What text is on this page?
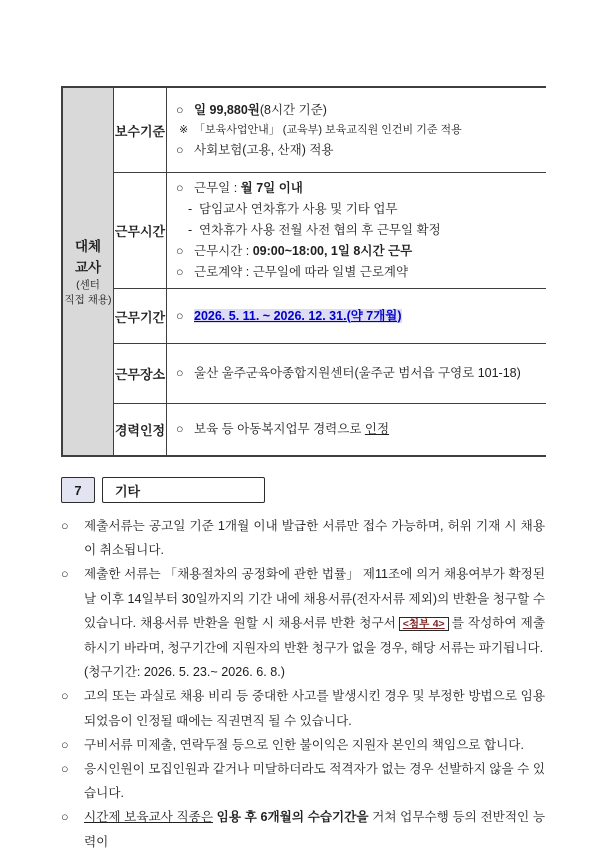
대체
교사
(센터
직접 채용)
보수기준
○ 일 99,880원(8시간 기준)
※ 「보육사업안내」 (교육부) 보육교직원 인건비 기준 적용
○ 사회보험(고용, 산재) 적용
근무시간
○ 근무일 : 월 7일 이내
- 담임교사 연차휴가 사용 및 기타 업무
- 연차휴가 사용 전월 사전 협의 후 근무일 확정
○ 근무시간 : 09:00~18:00, 1일 8시간 근무
○ 근로계약 : 근무일에 따라 일별 근로계약
근무기간 ○ 2026. 5. 11. ~ 2026. 12. 31.(약 7개월)
근무장소 ○ 울산 울주군육아종합지원센터(울주군 범서읍 구영로 101-18)
경력인정 ○ 보육 등 아동복지업무 경력으로 인정
7	기타
○ 제출서류는 공고일 기준 1개월 이내 발급한 서류만 접수 가능하며, 허위 기재 시 채용이 취소됩니다.
○ 제출한 서류는 「채용절차의 공정화에 관한 법률」 제11조에 의거 채용여부가 확정된 날 이후 14일부터 30일까지의 기간 내에 채용서류(전자서류 제외)의 반환을 청구할 수 있습니다. 채용서류 반환을 원할 시 채용서류 반환 청구서 <첨부 4> 를 작성하여 제출하시기 바라며, 청구기간에 지원자의 반환 청구가 없을 경우, 해당 서류는 파기됩니다.
(청구기간: 2026. 5. 23.~ 2026. 6. 8.)
○ 고의 또는 과실로 채용 비리 등 중대한 사고를 발생시킨 경우 및 부정한 방법으로 임용되었음이 인정될 때에는 직권면직 될 수 있습니다.
○ 구비서류 미제출, 연락두절 등으로 인한 불이익은 지원자 본인의 책임으로 합니다.
○ 응시인원이 모집인원과 같거나 미달하더라도 적격자가 없는 경우 선발하지 않을 수 있습니다.
○ 시간제 보육교사 직종은 임용 후 6개월의 수습기간을 거쳐 업무수행 등의 전반적인 능력이
